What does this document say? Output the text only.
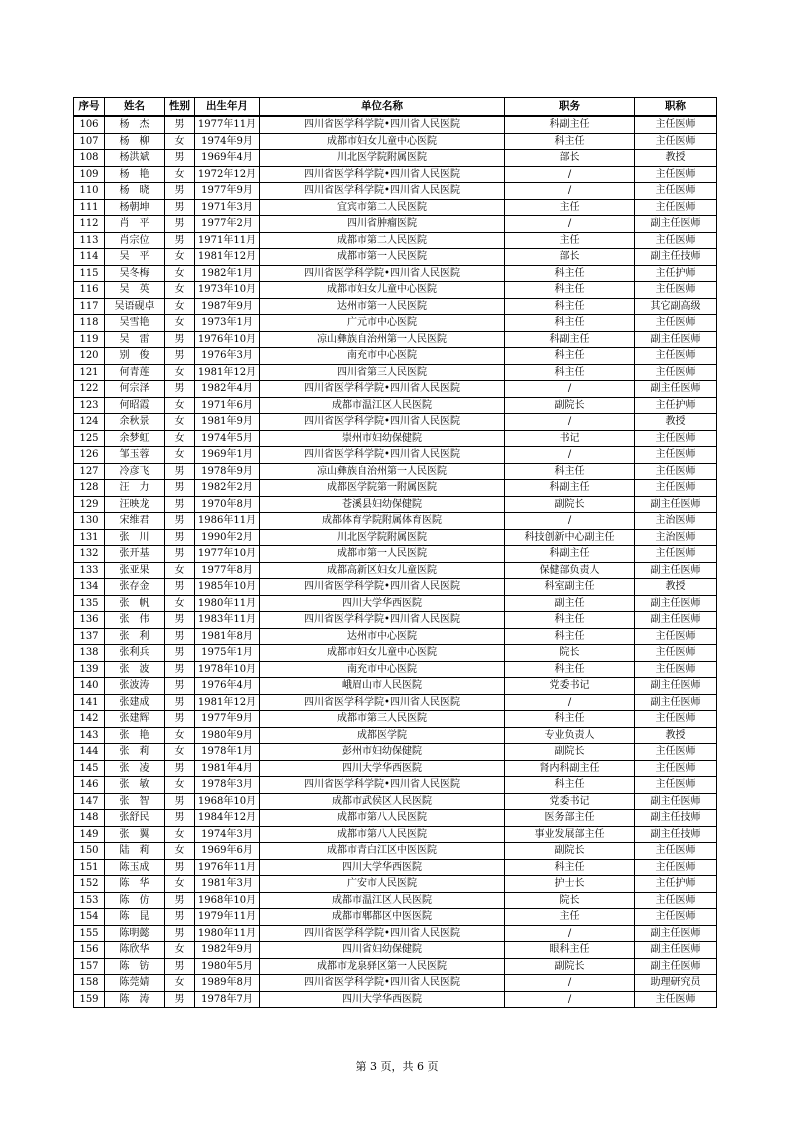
序号	姓名	性别	出生年月	单位名称	职务	职称
106	杨　杰	男	1977年11月	四川省医学科学院•四川省人民医院	科副主任	主任医师
107	杨　柳	女	1974年9月	成都市妇女儿童中心医院	科主任	主任医师
108	杨洪斌	男	1969年4月	川北医学院附属医院	部长	教授
109	杨　艳	女	1972年12月	四川省医学科学院•四川省人民医院	/	主任医师
110	杨　晓	男	1977年9月	四川省医学科学院•四川省人民医院	/	主任医师
111	杨朝坤	男	1971年3月	宜宾市第二人民医院	主任	主任医师
112	肖　平	男	1977年2月	四川省肿瘤医院	/	副主任医师
113	肖宗位	男	1971年11月	成都市第二人民医院	主任	主任医师
114	吴　平	女	1981年12月	成都市第一人民医院	部长	副主任技师
115	吴冬梅	女	1982年1月	四川省医学科学院•四川省人民医院	科主任	主任护师
116	吴　英	女	1973年10月	成都市妇女儿童中心医院	科主任	主任医师
117	吴语砚卓	女	1987年9月	达州市第一人民医院	科主任	其它副高级
118	吴雪艳	女	1973年1月	广元市中心医院	科主任	主任医师
119	吴　雷	男	1976年10月	凉山彝族自治州第一人民医院	科副主任	副主任医师
120	别　俊	男	1976年3月	南充市中心医院	科主任	主任医师
121	何青莲	女	1981年12月	四川省第三人民医院	科主任	主任医师
122	何宗泽	男	1982年4月	四川省医学科学院•四川省人民医院	/	副主任医师
123	何昭霞	女	1971年6月	成都市温江区人民医院	副院长	主任护师
124	余秋景	女	1981年9月	四川省医学科学院•四川省人民医院	/	教授
125	余梦虹	女	1974年5月	崇州市妇幼保健院	书记	主任医师
126	邹玉蓉	女	1969年1月	四川省医学科学院•四川省人民医院	/	主任医师
127	冷彦飞	男	1978年9月	凉山彝族自治州第一人民医院	科主任	主任医师
128	汪　力	男	1982年2月	成都医学院第一附属医院	科副主任	主任医师
129	汪映龙	男	1970年8月	苍溪县妇幼保健院	副院长	副主任医师
130	宋维君	男	1986年11月	成都体育学院附属体育医院	/	主治医师
131	张　川	男	1990年2月	川北医学院附属医院	科技创新中心副主任	主治医师
132	张开基	男	1977年10月	成都市第一人民医院	科副主任	主任医师
133	张亚果	女	1977年8月	成都高新区妇女儿童医院	保健部负责人	副主任医师
134	张存金	男	1985年10月	四川省医学科学院•四川省人民医院	科室副主任	教授
135	张　帆	女	1980年11月	四川大学华西医院	副主任	副主任医师
136	张　伟	男	1983年11月	四川省医学科学院•四川省人民医院	科主任	副主任医师
137	张　利	男	1981年8月	达州市中心医院	科主任	主任医师
138	张利兵	男	1975年1月	成都市妇女儿童中心医院	院长	主任医师
139	张　波	男	1978年10月	南充市中心医院	科主任	主任医师
140	张波涛	男	1976年4月	峨眉山市人民医院	党委书记	副主任医师
141	张建成	男	1981年12月	四川省医学科学院•四川省人民医院	/	副主任医师
142	张建辉	男	1977年9月	成都市第三人民医院	科主任	主任医师
143	张　艳	女	1980年9月	成都医学院	专业负责人	教授
144	张　莉	女	1978年1月	彭州市妇幼保健院	副院长	主任医师
145	张　凌	男	1981年4月	四川大学华西医院	肾内科副主任	主任医师
146	张　敏	女	1978年3月	四川省医学科学院•四川省人民医院	科主任	主任医师
147	张　智	男	1968年10月	成都市武侯区人民医院	党委书记	副主任医师
148	张舒民	男	1984年12月	成都市第八人民医院	医务部主任	副主任技师
149	张　翼	女	1974年3月	成都市第八人民医院	事业发展部主任	副主任技师
150	陆　莉	女	1969年6月	成都市青白江区中医医院	副院长	主任医师
151	陈玉成	男	1976年11月	四川大学华西医院	科主任	主任医师
152	陈　华	女	1981年3月	广安市人民医院	护士长	主任护师
153	陈　仿	男	1968年10月	成都市温江区人民医院	院长	主任医师
154	陈　昆	男	1979年11月	成都市郫都区中医医院	主任	主任医师
155	陈明懿	男	1980年11月	四川省医学科学院•四川省人民医院	/	副主任医师
156	陈欣华	女	1982年9月	四川省妇幼保健院	眼科主任	副主任医师
157	陈　钫	男	1980年5月	成都市龙泉驿区第一人民医院	副院长	副主任医师
158	陈莞婧	女	1989年8月	四川省医学科学院•四川省人民医院	/	助理研究员
159	陈　涛	男	1978年7月	四川大学华西医院	/	主任医师
第 3 页，共 6 页
